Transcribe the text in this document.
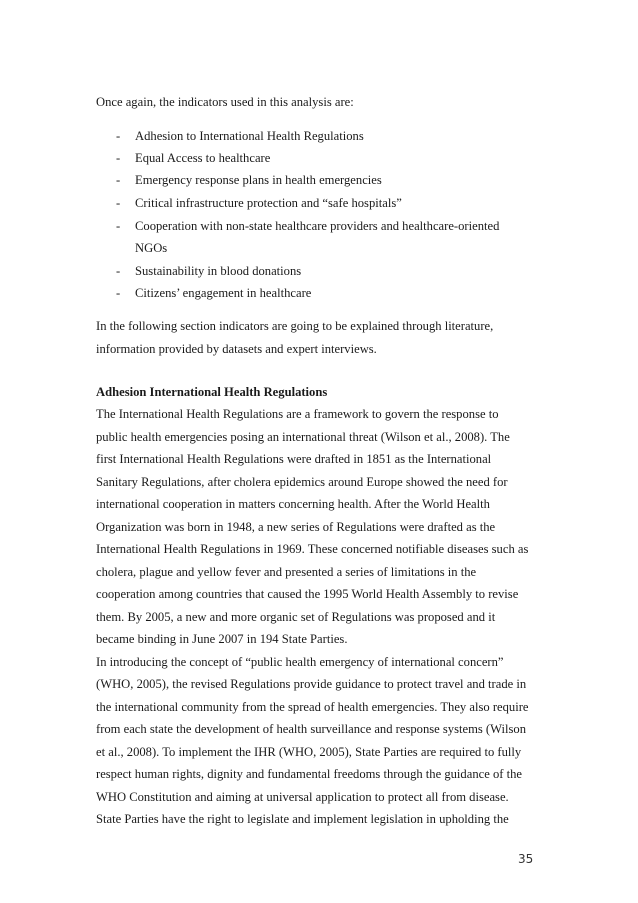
Once again, the indicators used in this analysis are:
- Adhesion to International Health Regulations
- Equal Access to healthcare
- Emergency response plans in health emergencies
- Critical infrastructure protection and “safe hospitals”
- Cooperation with non-state healthcare providers and healthcare-oriented
NGOs
- Sustainability in blood donations
- Citizens’ engagement in healthcare
In the following section indicators are going to be explained through literature,
information provided by datasets and expert interviews.
Adhesion International Health Regulations
The International Health Regulations are a framework to govern the response to
public health emergencies posing an international threat (Wilson et al., 2008). The
first International Health Regulations were drafted in 1851 as the International
Sanitary Regulations, after cholera epidemics around Europe showed the need for
international cooperation in matters concerning health. After the World Health
Organization was born in 1948, a new series of Regulations were drafted as the
International Health Regulations in 1969. These concerned notifiable diseases such as
cholera, plague and yellow fever and presented a series of limitations in the
cooperation among countries that caused the 1995 World Health Assembly to revise
them. By 2005, a new and more organic set of Regulations was proposed and it
became binding in June 2007 in 194 State Parties.
In introducing the concept of “public health emergency of international concern”
(WHO, 2005), the revised Regulations provide guidance to protect travel and trade in
the international community from the spread of health emergencies. They also require
from each state the development of health surveillance and response systems (Wilson
et al., 2008). To implement the IHR (WHO, 2005), State Parties are required to fully
respect human rights, dignity and fundamental freedoms through the guidance of the
WHO Constitution and aiming at universal application to protect all from disease.
State Parties have the right to legislate and implement legislation in upholding the
35
